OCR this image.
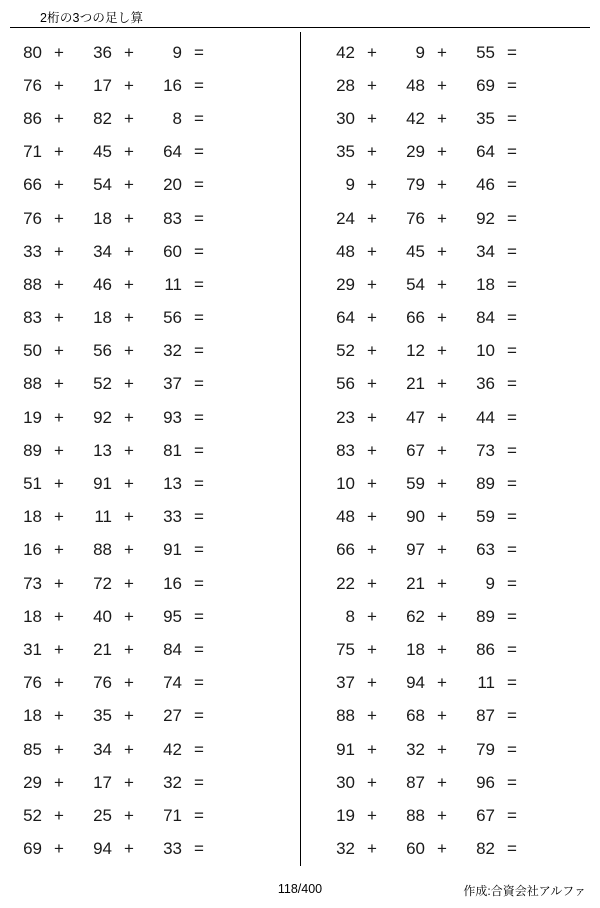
2桁の3つの足し算
80 +	36 +	9 =
76 +	17 +	16 =
86 +	82 +	8 =
71 +	45 +	64 =
66 +	54 +	20 =
76 +	18 +	83 =
33 +	34 +	60 =
88 +	46 +	11 =
83 +	18 +	56 =
50 +	56 +	32 =
88 +	52 +	37 =
19 +	92 +	93 =
89 +	13 +	81 =
51 +	91 +	13 =
18 +	11 +	33 =
16 +	88 +	91 =
73 +	72 +	16 =
18 +	40 +	95 =
31 +	21 +	84 =
76 +	76 +	74 =
18 +	35 +	27 =
85 +	34 +	42 =
29 +	17 +	32 =
52 +	25 +	71 =
69 +	94 +	33 =
42 +	9 +	55 =
28 +	48 +	69 =
30 +	42 +	35 =
35 +	29 +	64 =
9 +	79 +	46 =
24 +	76 +	92 =
48 +	45 +	34 =
29 +	54 +	18 =
64 +	66 +	84 =
52 +	12 +	10 =
56 +	21 +	36 =
23 +	47 +	44 =
83 +	67 +	73 =
10 +	59 +	89 =
48 +	90 +	59 =
66 +	97 +	63 =
22 +	21 +	9 =
8 +	62 +	89 =
75 +	18 +	86 =
37 +	94 +	11 =
88 +	68 +	87 =
91 +	32 +	79 =
30 +	87 +	96 =
19 +	88 +	67 =
32 +	60 +	82 =
118/400	作成:合資会社アルファ
